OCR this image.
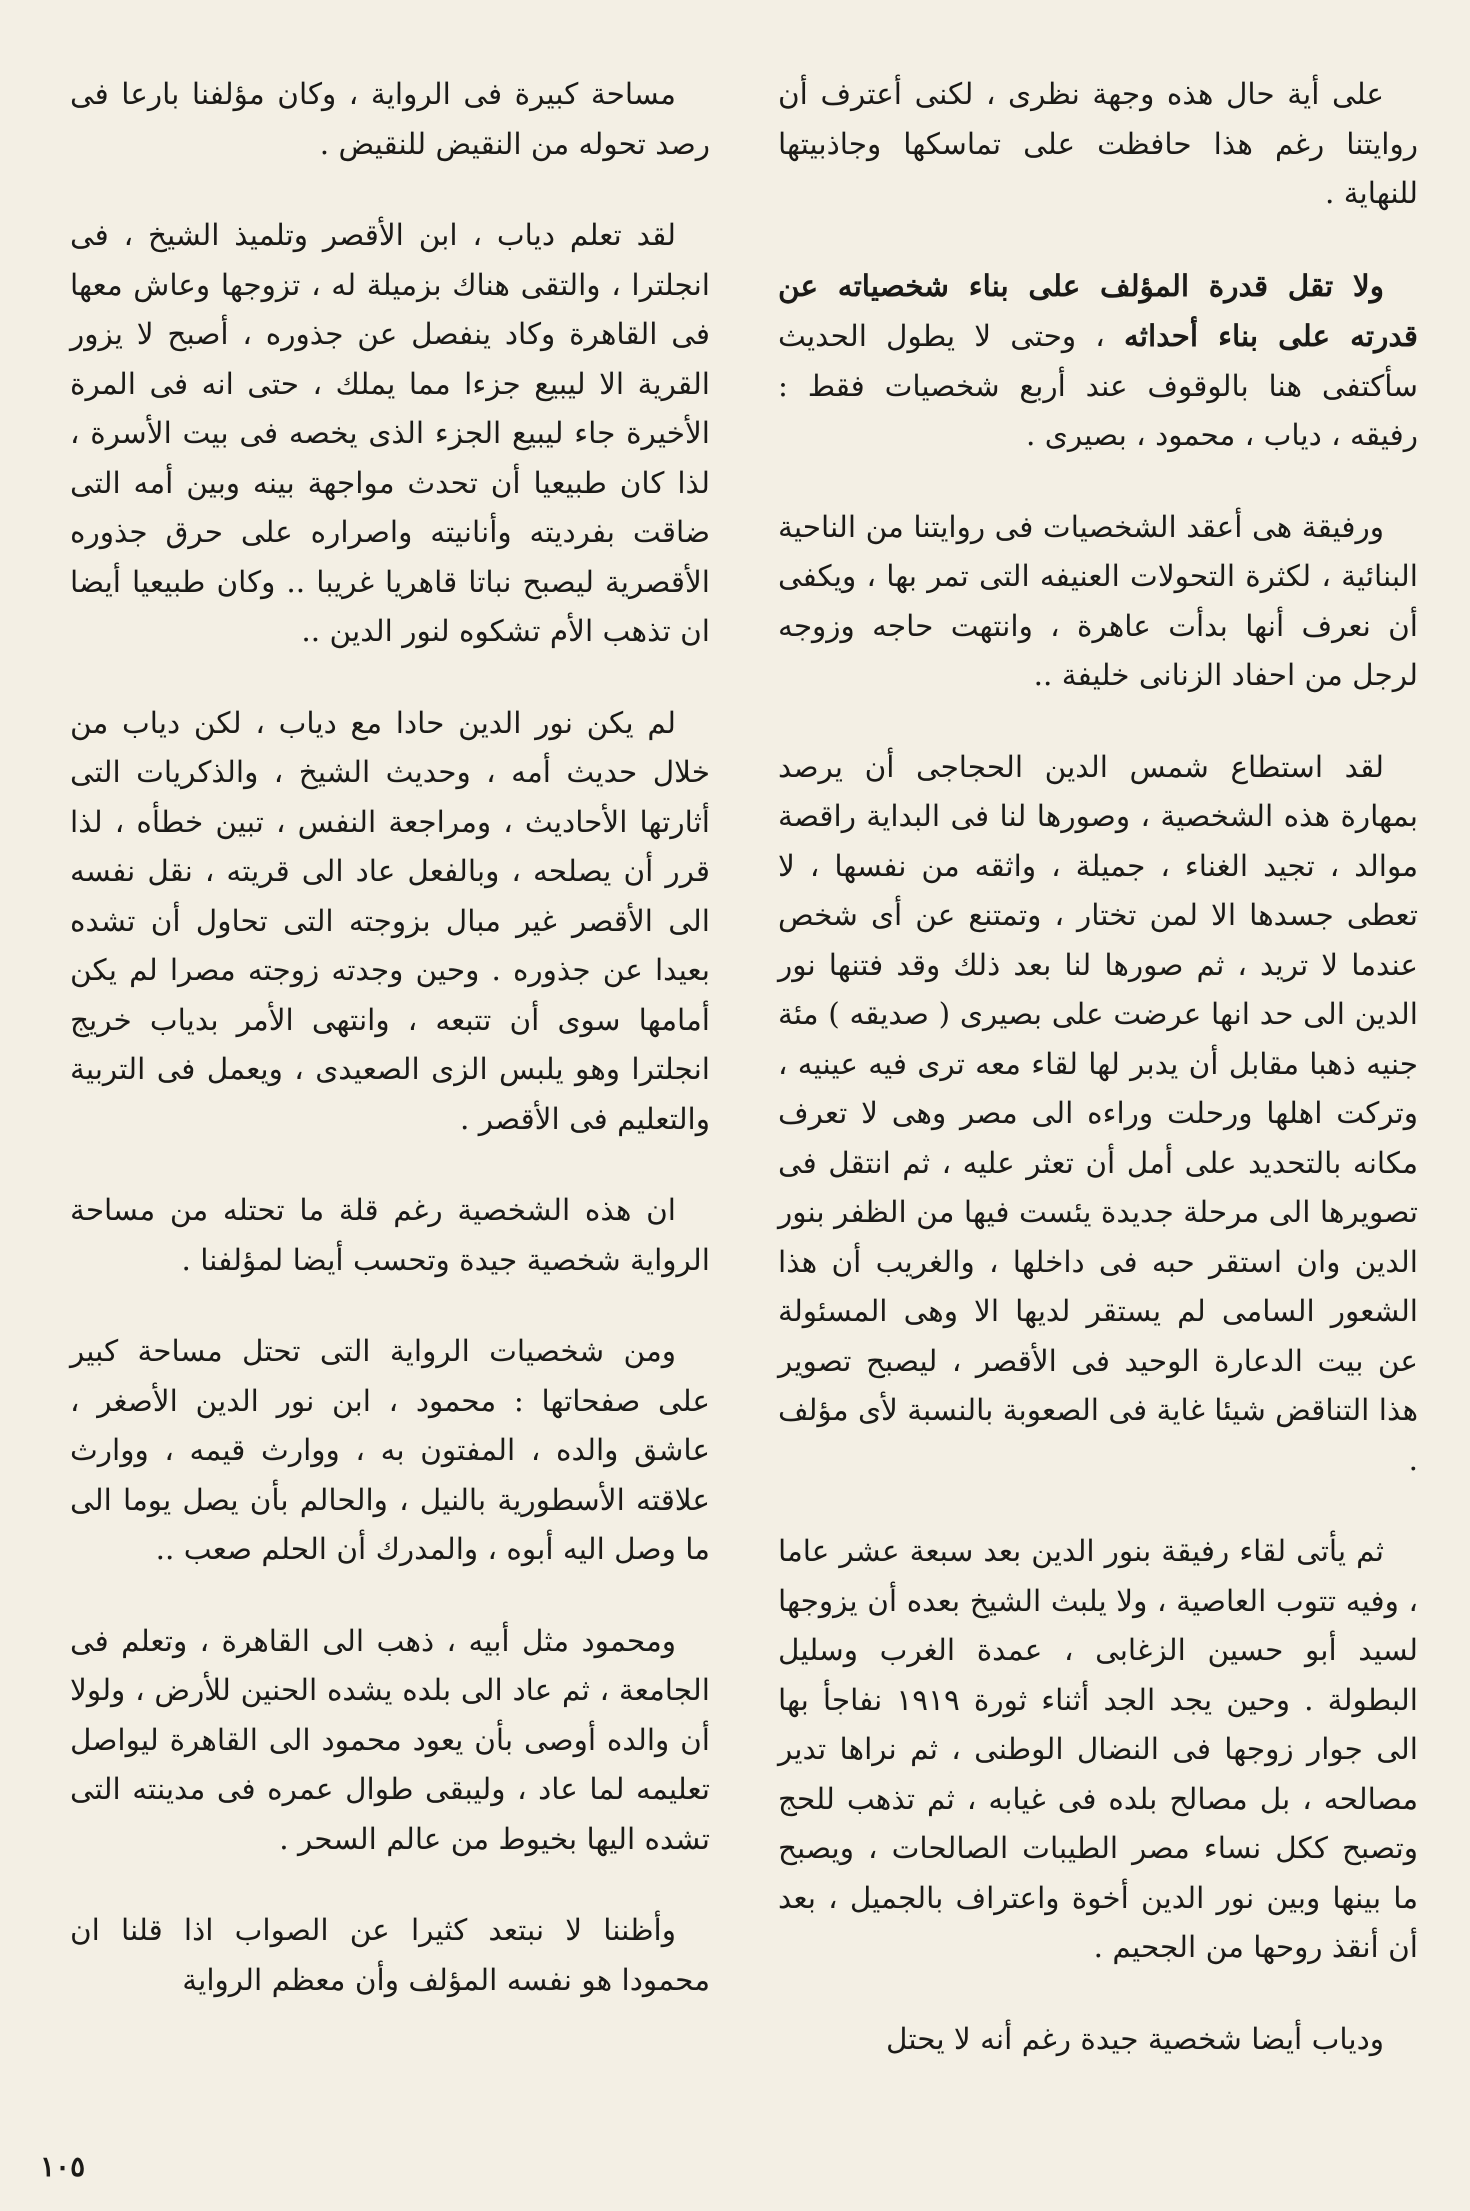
على أية حال هذه وجهة نظرى ، لكنى أعترف أن روايتنا رغم هذا حافظت على تماسكها وجاذبيتها للنهاية .

ولا تقل قدرة المؤلف على بناء شخصياته عن قدرته على بناء أحداثه ، وحتى لا يطول الحديث سأكتفى هنا بالوقوف عند أربع شخصيات فقط : رفيقه ، دياب ، محمود ، بصيرى .

ورفيقة هى أعقد الشخصيات فى روايتنا من الناحية البنائية ، لكثرة التحولات العنيفه التى تمر بها ، ويكفى أن نعرف أنها بدأت عاهرة ، وانتهت حاجه وزوجه لرجل من احفاد الزنانى خليفة ..

لقد استطاع شمس الدين الحجاجى أن يرصد بمهارة هذه الشخصية ، وصورها لنا فى البداية راقصة موالد ، تجيد الغناء ، جميلة ، واثقه من نفسها ، لا تعطى جسدها الا لمن تختار ، وتمتنع عن أى شخص عندما لا تريد ، ثم صورها لنا بعد ذلك وقد فتنها نور الدين الى حد انها عرضت على بصيرى ( صديقه ) مئة جنيه ذهبا مقابل أن يدبر لها لقاء معه ترى فيه عينيه ، وتركت اهلها ورحلت وراءه الى مصر وهى لا تعرف مكانه بالتحديد على أمل أن تعثر عليه ، ثم انتقل فى تصويرها الى مرحلة جديدة يئست فيها من الظفر بنور الدين وان استقر حبه فى داخلها ، والغريب أن هذا الشعور السامى لم يستقر لديها الا وهى المسئولة عن بيت الدعارة الوحيد فى الأقصر ، ليصبح تصوير هذا التناقض شيئا غاية فى الصعوبة بالنسبة لأى مؤلف .

ثم يأتى لقاء رفيقة بنور الدين بعد سبعة عشر عاما ، وفيه تتوب العاصية ، ولا يلبث الشيخ بعده أن يزوجها لسيد أبو حسين الزغابى ، عمدة الغرب وسليل البطولة . وحين يجد الجد أثناء ثورة ١٩١٩ نفاجأ بها الى جوار زوجها فى النضال الوطنى ، ثم نراها تدير مصالحه ، بل مصالح بلده فى غيابه ، ثم تذهب للحج وتصبح ككل نساء مصر الطيبات الصالحات ، ويصبح ما بينها وبين نور الدين أخوة واعتراف بالجميل ، بعد أن أنقذ روحها من الجحيم .

ودياب أيضا شخصية جيدة رغم أنه لا يحتل

مساحة كبيرة فى الرواية ، وكان مؤلفنا بارعا فى رصد تحوله من النقيض للنقيض .

لقد تعلم دياب ، ابن الأقصر وتلميذ الشيخ ، فى انجلترا ، والتقى هناك بزميلة له ، تزوجها وعاش معها فى القاهرة وكاد ينفصل عن جذوره ، أصبح لا يزور القرية الا ليبيع جزءا مما يملك ، حتى انه فى المرة الأخيرة جاء ليبيع الجزء الذى يخصه فى بيت الأسرة ، لذا كان طبيعيا أن تحدث مواجهة بينه وبين أمه التى ضاقت بفرديته وأنانيته واصراره على حرق جذوره الأقصرية ليصبح نباتا قاهريا غريبا .. وكان طبيعيا أيضا ان تذهب الأم تشكوه لنور الدين ..

لم يكن نور الدين حادا مع دياب ، لكن دياب من خلال حديث أمه ، وحديث الشيخ ، والذكريات التى أثارتها الأحاديث ، ومراجعة النفس ، تبين خطأه ، لذا قرر أن يصلحه ، وبالفعل عاد الى قريته ، نقل نفسه الى الأقصر غير مبال بزوجته التى تحاول أن تشده بعيدا عن جذوره . وحين وجدته زوجته مصرا لم يكن أمامها سوى أن تتبعه ، وانتهى الأمر بدياب خريج انجلترا وهو يلبس الزى الصعيدى ، ويعمل فى التربية والتعليم فى الأقصر .

ان هذه الشخصية رغم قلة ما تحتله من مساحة الرواية شخصية جيدة وتحسب أيضا لمؤلفنا .

ومن شخصيات الرواية التى تحتل مساحة كبير على صفحاتها : محمود ، ابن نور الدين الأصغر ، عاشق والده ، المفتون به ، ووارث قيمه ، ووارث علاقته الأسطورية بالنيل ، والحالم بأن يصل يوما الى ما وصل اليه أبوه ، والمدرك أن الحلم صعب ..

ومحمود مثل أبيه ، ذهب الى القاهرة ، وتعلم فى الجامعة ، ثم عاد الى بلده يشده الحنين للأرض ، ولولا أن والده أوصى بأن يعود محمود الى القاهرة ليواصل تعليمه لما عاد ، وليبقى طوال عمره فى مدينته التى تشده اليها بخيوط من عالم السحر .

وأظننا لا نبتعد كثيرا عن الصواب اذا قلنا ان محمودا هو نفسه المؤلف وأن معظم الرواية

١٠٥
